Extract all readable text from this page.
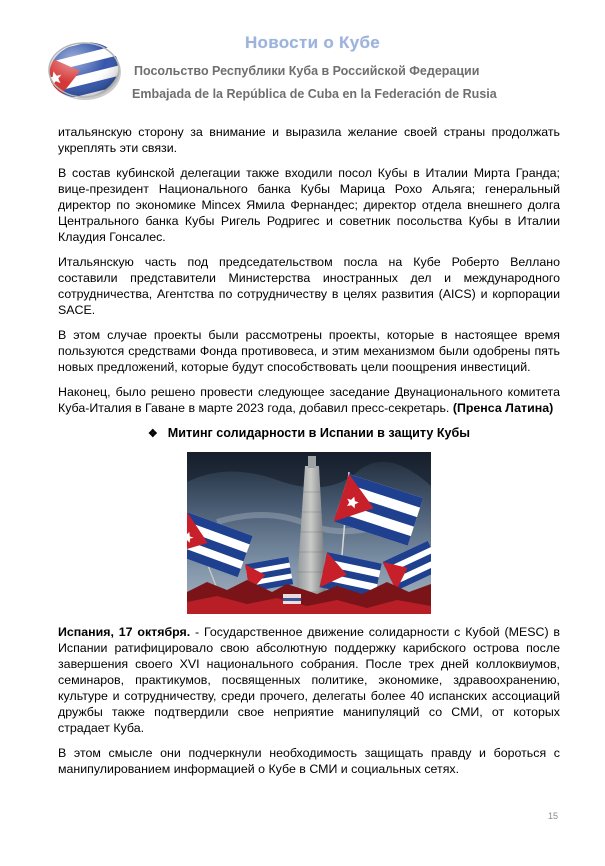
Новости о Кубе
Посольство Республики Куба в Российской Федерации
Embajada de la República de Cuba en la Federación de Rusia

итальянскую сторону за внимание и выразила желание своей страны продолжать укреплять эти связи.

В состав кубинской делегации также входили посол Кубы в Италии Мирта Гранда; вице-президент Национального банка Кубы Марица Рохо Альяга; генеральный директор по экономике Mincex Ямила Фернандес; директор отдела внешнего долга Центрального банка Кубы Ригель Родригес и советник посольства Кубы в Италии Клаудия Гонсалес.

Итальянскую часть под председательством посла на Кубе Роберто Веллано составили представители Министерства иностранных дел и международного сотрудничества, Агентства по сотрудничеству в целях развития (AICS) и корпорации SACE.

В этом случае проекты были рассмотрены проекты, которые в настоящее время пользуются средствами Фонда противовеса, и этим механизмом были одобрены пять новых предложений, которые будут способствовать цели поощрения инвестиций.

Наконец, было решено провести следующее заседание Двунационального комитета Куба-Италия в Гаване в марте 2023 года, добавил пресс-секретарь. (Пренса Латина)

❖ Митинг солидарности в Испании в защиту Кубы

Испания, 17 октября. - Государственное движение солидарности с Кубой (MESC) в Испании ратифицировало свою абсолютную поддержку карибского острова после завершения своего XVI национального собрания. После трех дней коллоквиумов, семинаров, практикумов, посвященных политике, экономике, здравоохранению, культуре и сотрудничеству, среди прочего, делегаты более 40 испанских ассоциаций дружбы также подтвердили свое неприятие манипуляций со СМИ, от которых страдает Куба.

В этом смысле они подчеркнули необходимость защищать правду и бороться с манипулированием информацией о Кубе в СМИ и социальных сетях.

15
